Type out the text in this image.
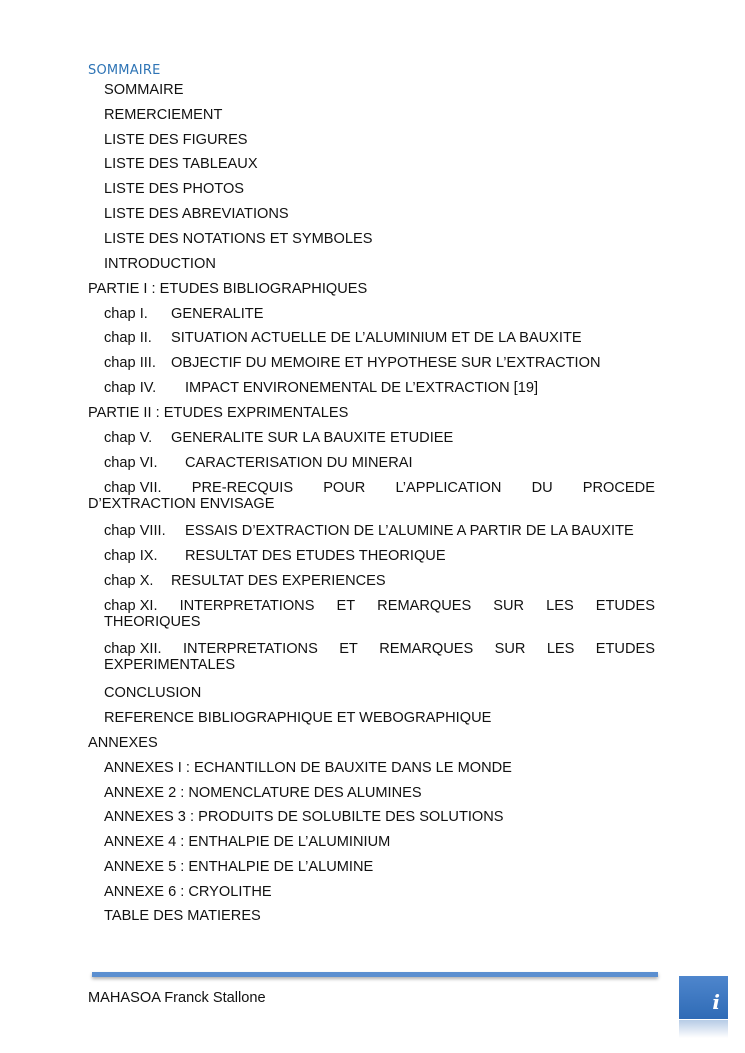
SOMMAIRE
SOMMAIRE
REMERCIEMENT
LISTE DES FIGURES
LISTE DES TABLEAUX
LISTE DES PHOTOS
LISTE DES ABREVIATIONS
LISTE DES NOTATIONS ET SYMBOLES
INTRODUCTION
PARTIE I : ETUDES BIBLIOGRAPHIQUES
chap I. GENERALITE
chap II. SITUATION ACTUELLE DE L’ALUMINIUM ET DE LA BAUXITE
chap III. OBJECTIF DU MEMOIRE ET HYPOTHESE SUR L’EXTRACTION
chap IV. IMPACT ENVIRONEMENTAL DE L’EXTRACTION [19]
PARTIE II : ETUDES EXPRIMENTALES
chap V. GENERALITE SUR LA BAUXITE ETUDIEE
chap VI. CARACTERISATION DU MINERAI
chap VII. PRE-RECQUIS POUR L’APPLICATION DU PROCEDE
D’EXTRACTION ENVISAGE
chap VIII. ESSAIS D’EXTRACTION DE L’ALUMINE A PARTIR DE LA BAUXITE
chap IX. RESULTAT DES ETUDES THEORIQUE
chap X. RESULTAT DES EXPERIENCES
chap XI. INTERPRETATIONS ET REMARQUES SUR LES ETUDES
THEORIQUES
chap XII. INTERPRETATIONS ET REMARQUES SUR LES ETUDES
EXPERIMENTALES
CONCLUSION
REFERENCE BIBLIOGRAPHIQUE ET WEBOGRAPHIQUE
ANNEXES
ANNEXES I : ECHANTILLON DE BAUXITE DANS LE MONDE
ANNEXE 2 : NOMENCLATURE DES ALUMINES
ANNEXES 3 : PRODUITS DE SOLUBILTE DES SOLUTIONS
ANNEXE 4 : ENTHALPIE DE L’ALUMINIUM
ANNEXE 5 : ENTHALPIE DE L’ALUMINE
ANNEXE 6 : CRYOLITHE
TABLE DES MATIERES
MAHASOA Franck Stallone	i
